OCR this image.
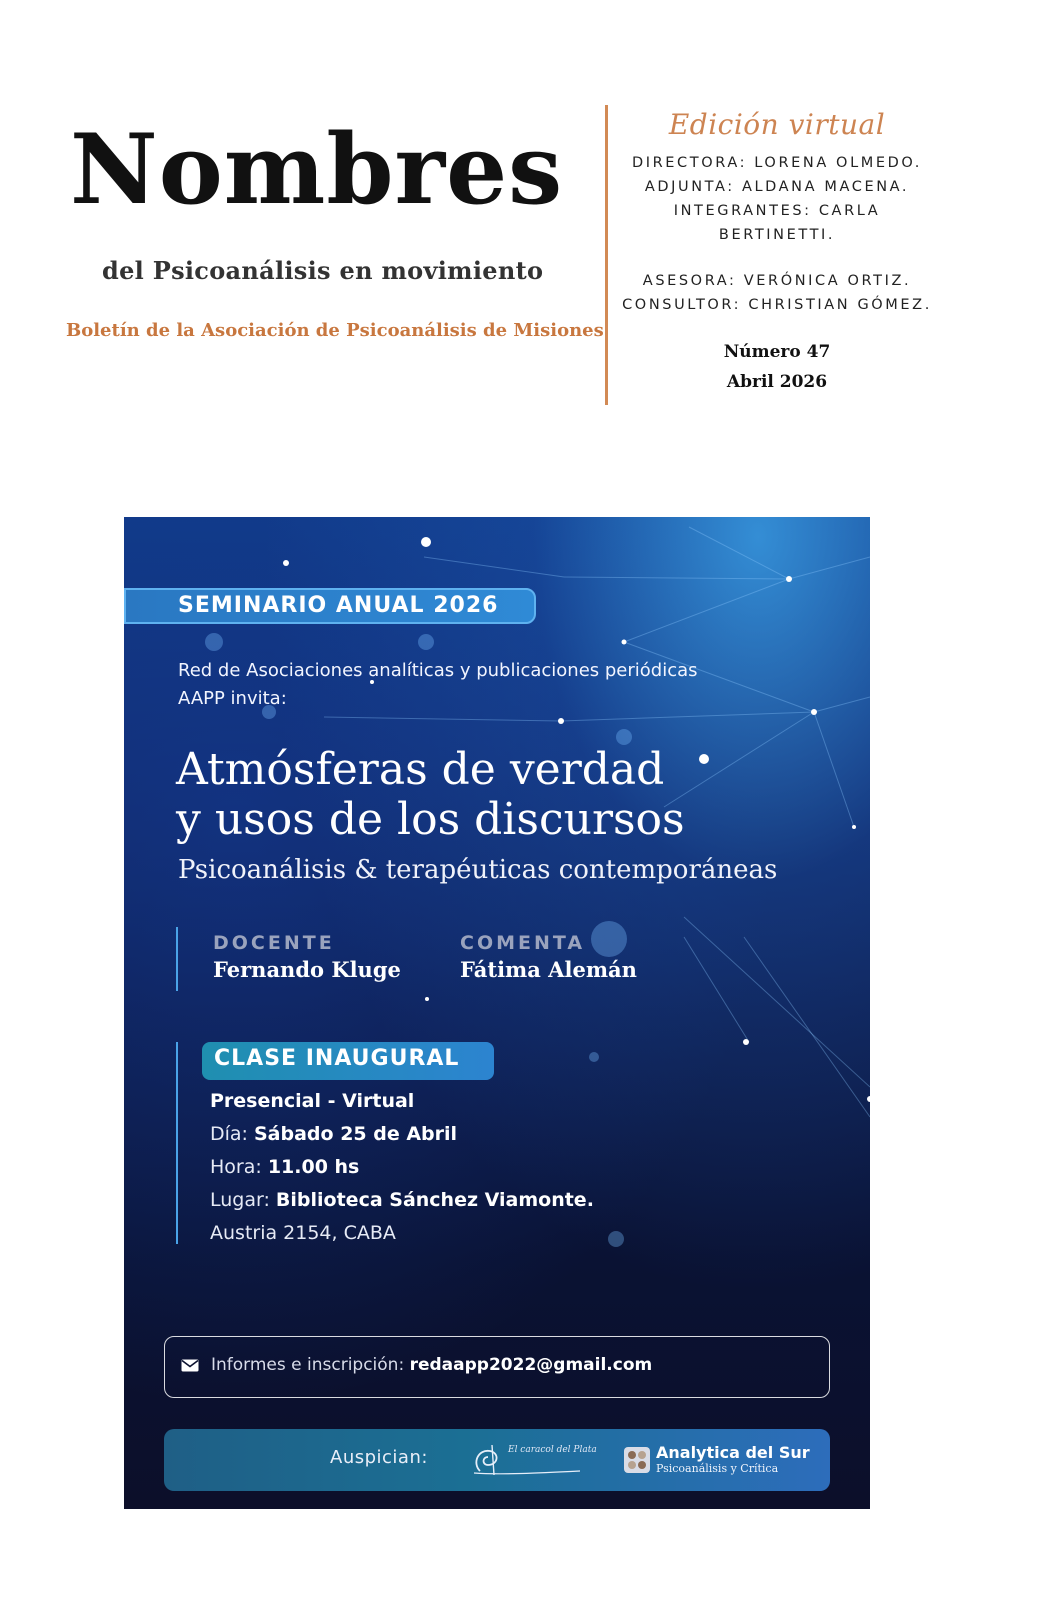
Nombres
del Psicoanálisis en movimiento
Boletín de la Asociación de Psicoanálisis de Misiones
Edición virtual
DIRECTORA: LORENA OLMEDO.
ADJUNTA: ALDANA MACENA.
INTEGRANTES: CARLA
BERTINETTI.
ASESORA: VERÓNICA ORTIZ.
CONSULTOR: CHRISTIAN GÓMEZ.
Número 47
Abril 2026
SEMINARIO ANUAL 2026
Red de Asociaciones analíticas y publicaciones periódicas
AAPP invita:
Atmósferas de verdad
y usos de los discursos
Psicoanálisis & terapéuticas contemporáneas
DOCENTE
Fernando Kluge
COMENTA
Fátima Alemán
CLASE INAUGURAL
Presencial - Virtual
Día: Sábado 25 de Abril
Hora: 11.00 hs
Lugar: Biblioteca Sánchez Viamonte.
Austria 2154, CABA
Informes e inscripción: redaapp2022@gmail.com
Auspician:	El caracol del Plata	Analytica del Sur
Psicoanálisis y Crítica
